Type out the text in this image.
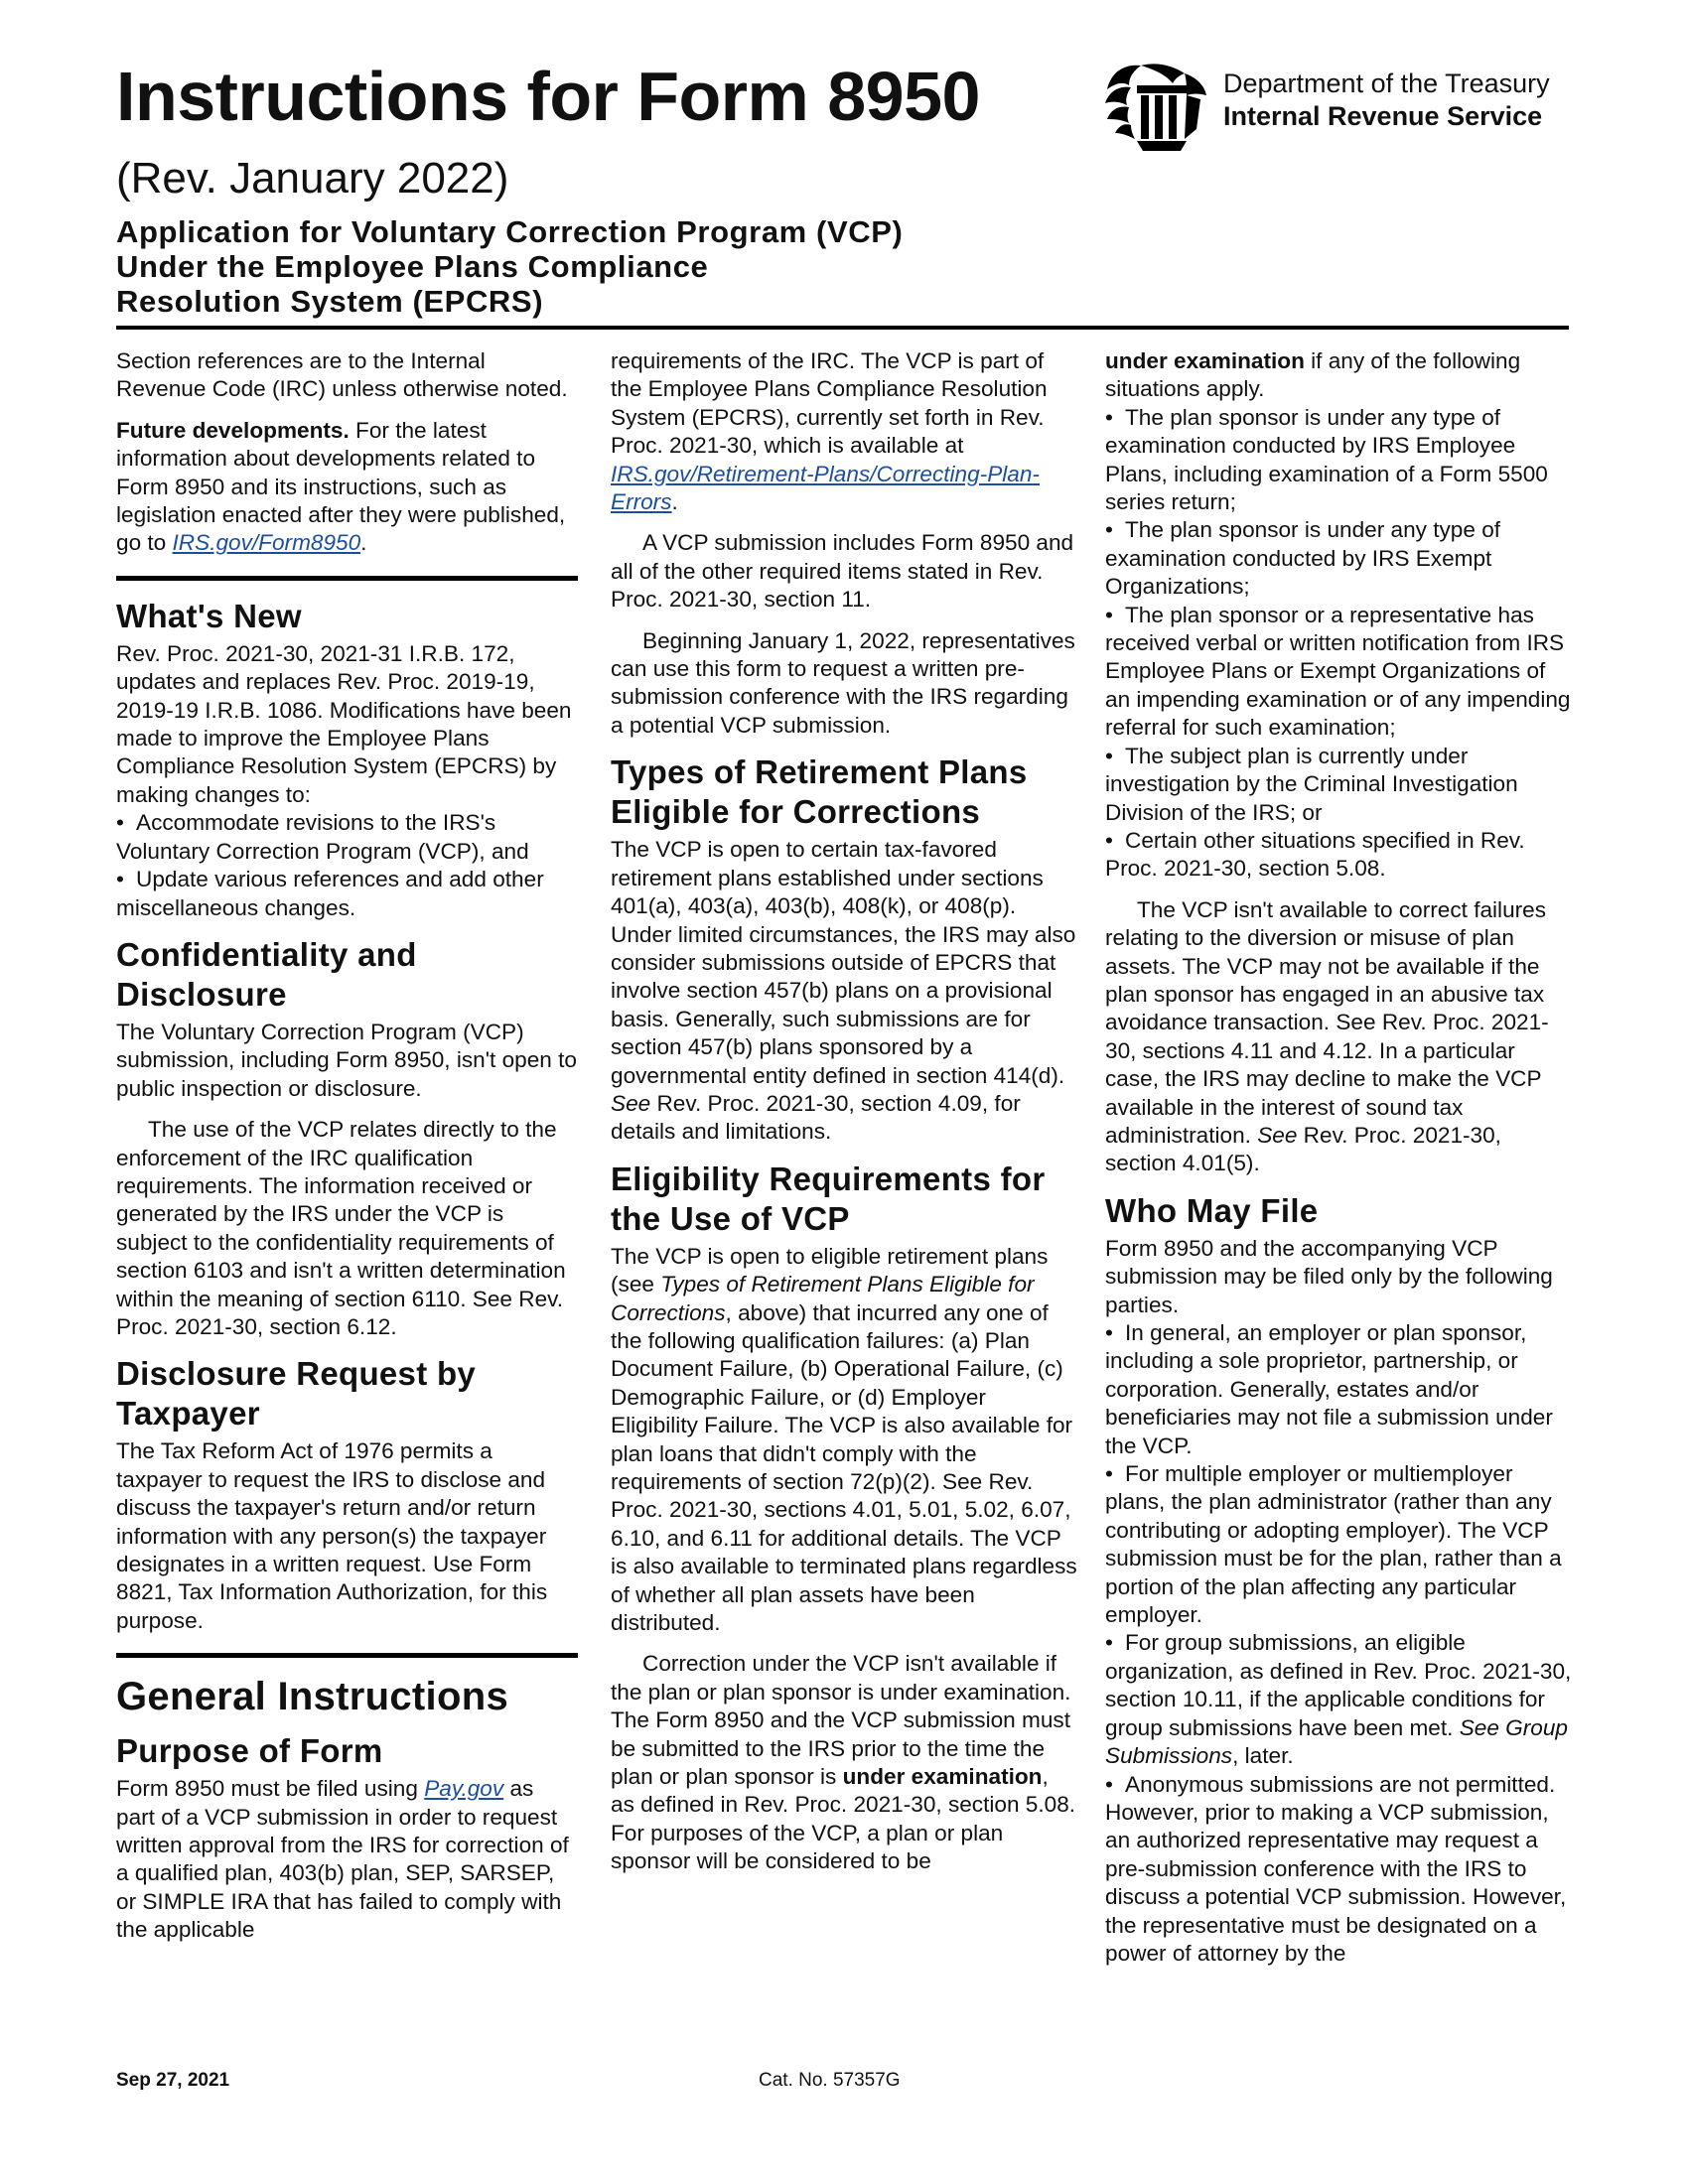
Instructions for Form 8950
(Rev. January 2022)
Application for Voluntary Correction Program (VCP)
Under the Employee Plans Compliance
Resolution System (EPCRS)
Department of the Treasury
Internal Revenue Service

Section references are to the Internal Revenue Code (IRC) unless otherwise noted.

Future developments. For the latest information about developments related to Form 8950 and its instructions, such as legislation enacted after they were published, go to IRS.gov/Form8950.

What's New

Rev. Proc. 2021-30, 2021-31 I.R.B. 172, updates and replaces Rev. Proc. 2019-19, 2019-19 I.R.B. 1086. Modifications have been made to improve the Employee Plans Compliance Resolution System (EPCRS) by making changes to:

• Accommodate revisions to the IRS's Voluntary Correction Program (VCP), and
• Update various references and add other miscellaneous changes.
Confidentiality and Disclosure

The Voluntary Correction Program (VCP) submission, including Form 8950, isn't open to public inspection or disclosure.

The use of the VCP relates directly to the enforcement of the IRC qualification requirements. The information received or generated by the IRS under the VCP is subject to the confidentiality requirements of section 6103 and isn't a written determination within the meaning of section 6110. See Rev. Proc. 2021-30, section 6.12.

Disclosure Request by Taxpayer

The Tax Reform Act of 1976 permits a taxpayer to request the IRS to disclose and discuss the taxpayer's return and/or return information with any person(s) the taxpayer designates in a written request. Use Form 8821, Tax Information Authorization, for this purpose.

General Instructions
Purpose of Form

Form 8950 must be filed using Pay.gov as part of a VCP submission in order to request written approval from the IRS for correction of a qualified plan, 403(b) plan, SEP, SARSEP, or SIMPLE IRA that has failed to comply with the applicable

requirements of the IRC. The VCP is part of the Employee Plans Compliance Resolution System (EPCRS), currently set forth in Rev. Proc. 2021-30, which is available at IRS.gov/Retirement-Plans/Correcting-Plan-Errors.

A VCP submission includes Form 8950 and all of the other required items stated in Rev. Proc. 2021-30, section 11.

Beginning January 1, 2022, representatives can use this form to request a written pre-submission conference with the IRS regarding a potential VCP submission.

Types of Retirement Plans Eligible for Corrections

The VCP is open to certain tax-favored retirement plans established under sections 401(a), 403(a), 403(b), 408(k), or 408(p). Under limited circumstances, the IRS may also consider submissions outside of EPCRS that involve section 457(b) plans on a provisional basis. Generally, such submissions are for section 457(b) plans sponsored by a governmental entity defined in section 414(d). See Rev. Proc. 2021-30, section 4.09, for details and limitations.

Eligibility Requirements for the Use of VCP

The VCP is open to eligible retirement plans (see Types of Retirement Plans Eligible for Corrections, above) that incurred any one of the following qualification failures: (a) Plan Document Failure, (b) Operational Failure, (c) Demographic Failure, or (d) Employer Eligibility Failure. The VCP is also available for plan loans that didn't comply with the requirements of section 72(p)(2). See Rev. Proc. 2021-30, sections 4.01, 5.01, 5.02, 6.07, 6.10, and 6.11 for additional details. The VCP is also available to terminated plans regardless of whether all plan assets have been distributed.

Correction under the VCP isn't available if the plan or plan sponsor is under examination. The Form 8950 and the VCP submission must be submitted to the IRS prior to the time the plan or plan sponsor is under examination, as defined in Rev. Proc. 2021-30, section 5.08. For purposes of the VCP, a plan or plan sponsor will be considered to be

under examination if any of the following situations apply.

• The plan sponsor is under any type of examination conducted by IRS Employee Plans, including examination of a Form 5500 series return;
• The plan sponsor is under any type of examination conducted by IRS Exempt Organizations;
• The plan sponsor or a representative has received verbal or written notification from IRS Employee Plans or Exempt Organizations of an impending examination or of any impending referral for such examination;
• The subject plan is currently under investigation by the Criminal Investigation Division of the IRS; or
• Certain other situations specified in Rev. Proc. 2021-30, section 5.08.

The VCP isn't available to correct failures relating to the diversion or misuse of plan assets. The VCP may not be available if the plan sponsor has engaged in an abusive tax avoidance transaction. See Rev. Proc. 2021-30, sections 4.11 and 4.12. In a particular case, the IRS may decline to make the VCP available in the interest of sound tax administration. See Rev. Proc. 2021-30, section 4.01(5).

Who May File

Form 8950 and the accompanying VCP submission may be filed only by the following parties.

• In general, an employer or plan sponsor, including a sole proprietor, partnership, or corporation. Generally, estates and/or beneficiaries may not file a submission under the VCP.
• For multiple employer or multiemployer plans, the plan administrator (rather than any contributing or adopting employer). The VCP submission must be for the plan, rather than a portion of the plan affecting any particular employer.
• For group submissions, an eligible organization, as defined in Rev. Proc. 2021-30, section 10.11, if the applicable conditions for group submissions have been met. See Group Submissions, later.
• Anonymous submissions are not permitted. However, prior to making a VCP submission, an authorized representative may request a pre-submission conference with the IRS to discuss a potential VCP submission. However, the representative must be designated on a power of attorney by the
Sep 27, 2021	Cat. No. 57357G
